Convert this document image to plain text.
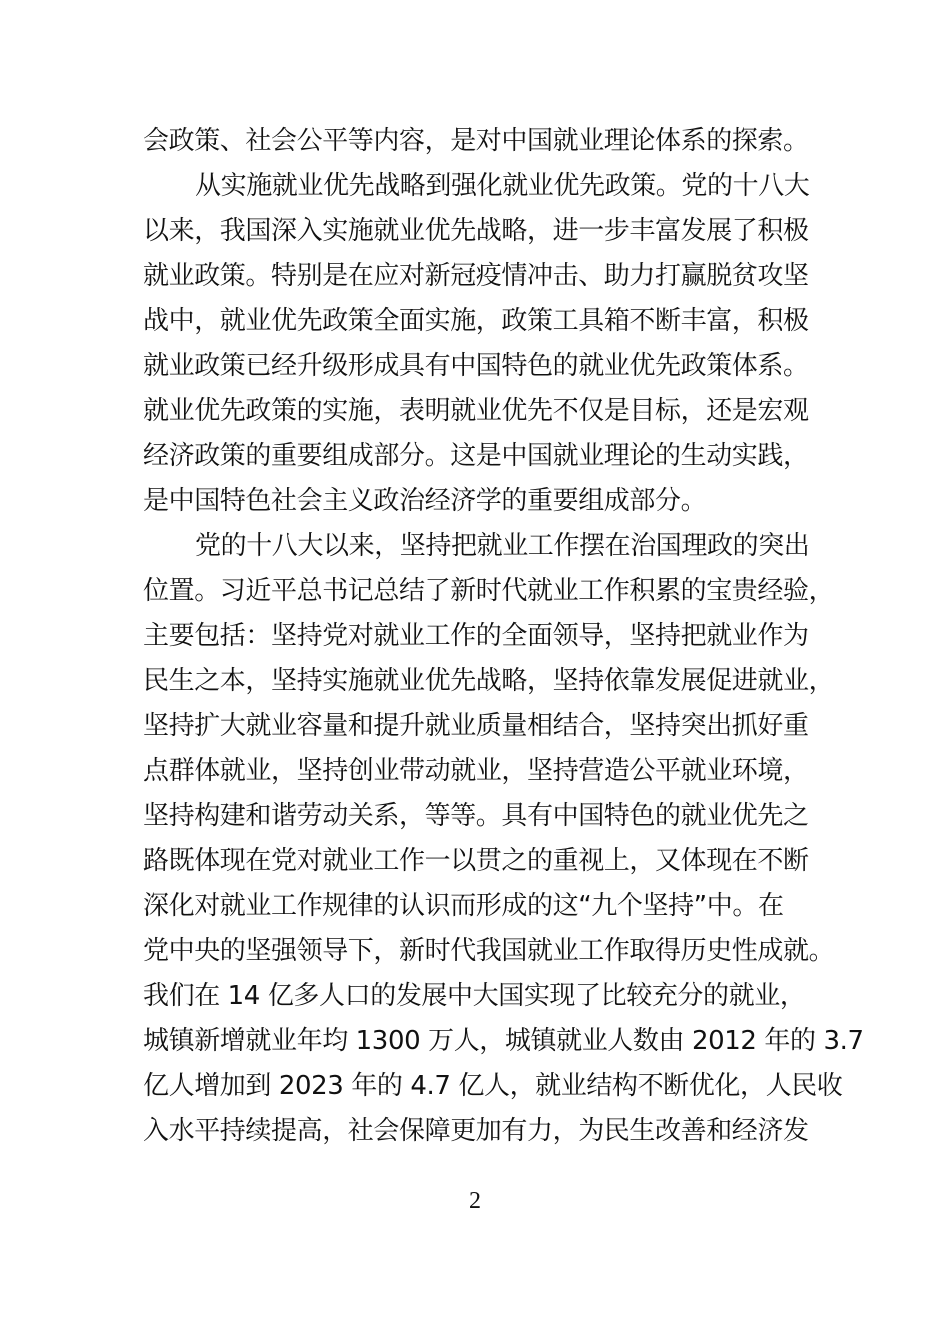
会政策、社会公平等内容，是对中国就业理论体系的探索。
从实施就业优先战略到强化就业优先政策。党的十八大
以来，我国深入实施就业优先战略，进一步丰富发展了积极
就业政策。特别是在应对新冠疫情冲击、助力打赢脱贫攻坚
战中，就业优先政策全面实施，政策工具箱不断丰富，积极
就业政策已经升级形成具有中国特色的就业优先政策体系。
就业优先政策的实施，表明就业优先不仅是目标，还是宏观
经济政策的重要组成部分。这是中国就业理论的生动实践，
是中国特色社会主义政治经济学的重要组成部分。
党的十八大以来，坚持把就业工作摆在治国理政的突出
位置。习近平总书记总结了新时代就业工作积累的宝贵经验，
主要包括：坚持党对就业工作的全面领导，坚持把就业作为
民生之本，坚持实施就业优先战略，坚持依靠发展促进就业，
坚持扩大就业容量和提升就业质量相结合，坚持突出抓好重
点群体就业，坚持创业带动就业，坚持营造公平就业环境，
坚持构建和谐劳动关系，等等。具有中国特色的就业优先之
路既体现在党对就业工作一以贯之的重视上，又体现在不断
深化对就业工作规律的认识而形成的这“九个坚持”中。在
党中央的坚强领导下，新时代我国就业工作取得历史性成就。
我们在 14 亿多人口的发展中大国实现了比较充分的就业，
城镇新增就业年均 1300 万人，城镇就业人数由 2012 年的 3.7
亿人增加到 2023 年的 4.7 亿人，就业结构不断优化，人民收
入水平持续提高，社会保障更加有力，为民生改善和经济发
2
